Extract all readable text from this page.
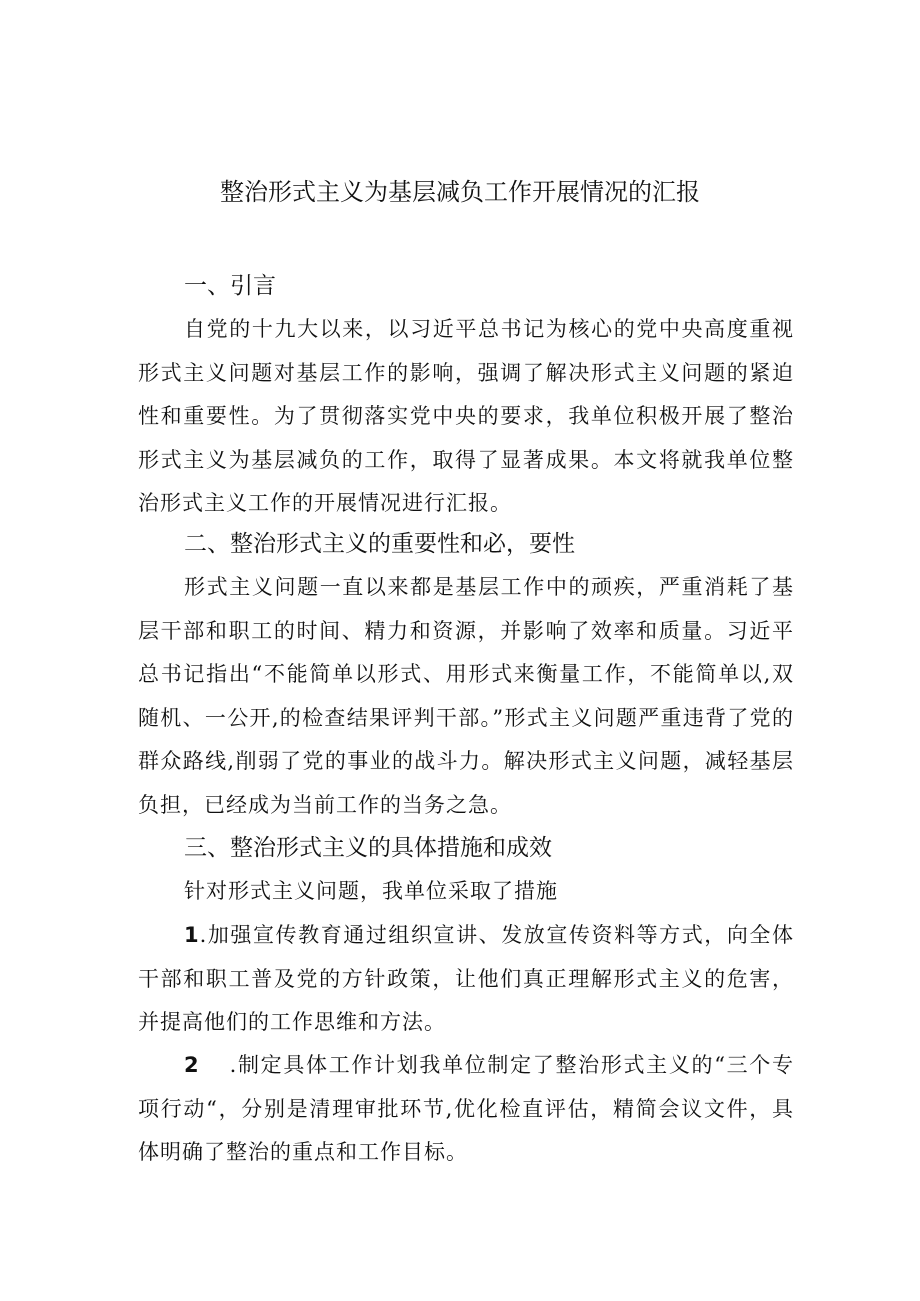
整治形式主义为基层减负工作开展情况的汇报
一、引言

自党的十九大以来，以习近平总书记为核心的党中央高度重视形式主义问题对基层工作的影响，强调了解决形式主义问题的紧迫性和重要性。为了贯彻落实党中央的要求，我单位积极开展了整治形式主义为基层减负的工作，取得了显著成果。本文将就我单位整治形式主义工作的开展情况进行汇报。

二、整治形式主义的重要性和必，要性

形式主义问题一直以来都是基层工作中的顽疾，严重消耗了基层干部和职工的时间、精力和资源，并影响了效率和质量。习近平总书记指出“不能简单以形式、用形式来衡量工作，不能简单以,双随机、一公开,的检查结果评判干部。”形式主义问题严重违背了党的群众路线,削弱了党的事业的战斗力。解决形式主义问题，减轻基层负担，已经成为当前工作的当务之急。

三、整治形式主义的具体措施和成效

针对形式主义问题，我单位采取了措施

1.加强宣传教育通过组织宣讲、发放宣传资料等方式，向全体干部和职工普及党的方针政策，让他们真正理解形式主义的危害，并提高他们的工作思维和方法。

2 .制定具体工作计划我单位制定了整治形式主义的“三个专项行动“，分别是清理审批环节,优化检直评估，精简会议文件，具体明确了整治的重点和工作目标。
